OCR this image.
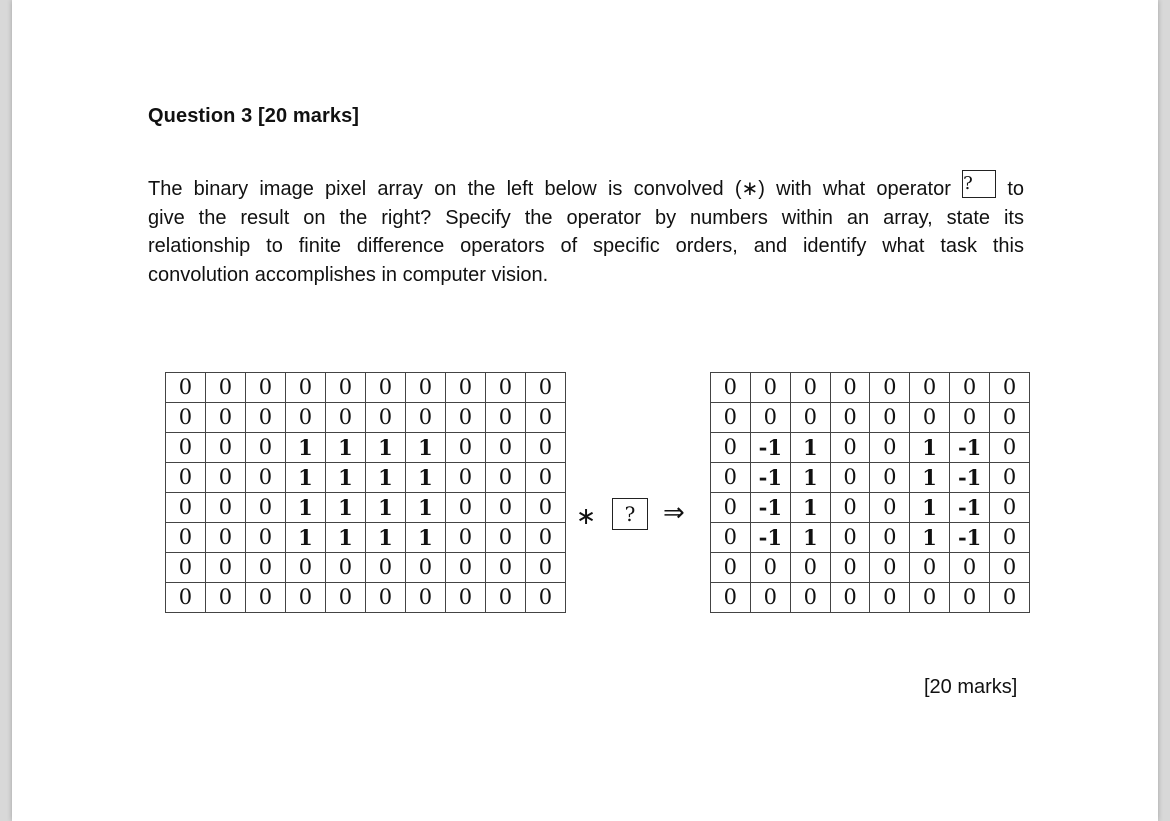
Question 3 [20 marks]
The binary image pixel array on the left below is convolved (∗) with what operator ? to
give the result on the right? Specify the operator by numbers within an array, state its
relationship to finite difference operators of specific orders, and identify what task this
convolution accomplishes in computer vision.
0	0	0	0	0	0	0	0	0	0
0	0	0	0	0	0	0	0	0	0
0	0	0	1	1	1	1	0	0	0
0	0	0	1	1	1	1	0	0	0
0	0	0	1	1	1	1	0	0	0
0	0	0	1	1	1	1	0	0	0
0	0	0	0	0	0	0	0	0	0
0	0	0	0	0	0	0	0	0	0
∗	?	⇒
0	0	0	0	0	0	0	0
0	0	0	0	0	0	0	0
0	-1	1	0	0	1	-1	0
0	-1	1	0	0	1	-1	0
0	-1	1	0	0	1	-1	0
0	-1	1	0	0	1	-1	0
0	0	0	0	0	0	0	0
0	0	0	0	0	0	0	0
[20 marks]
